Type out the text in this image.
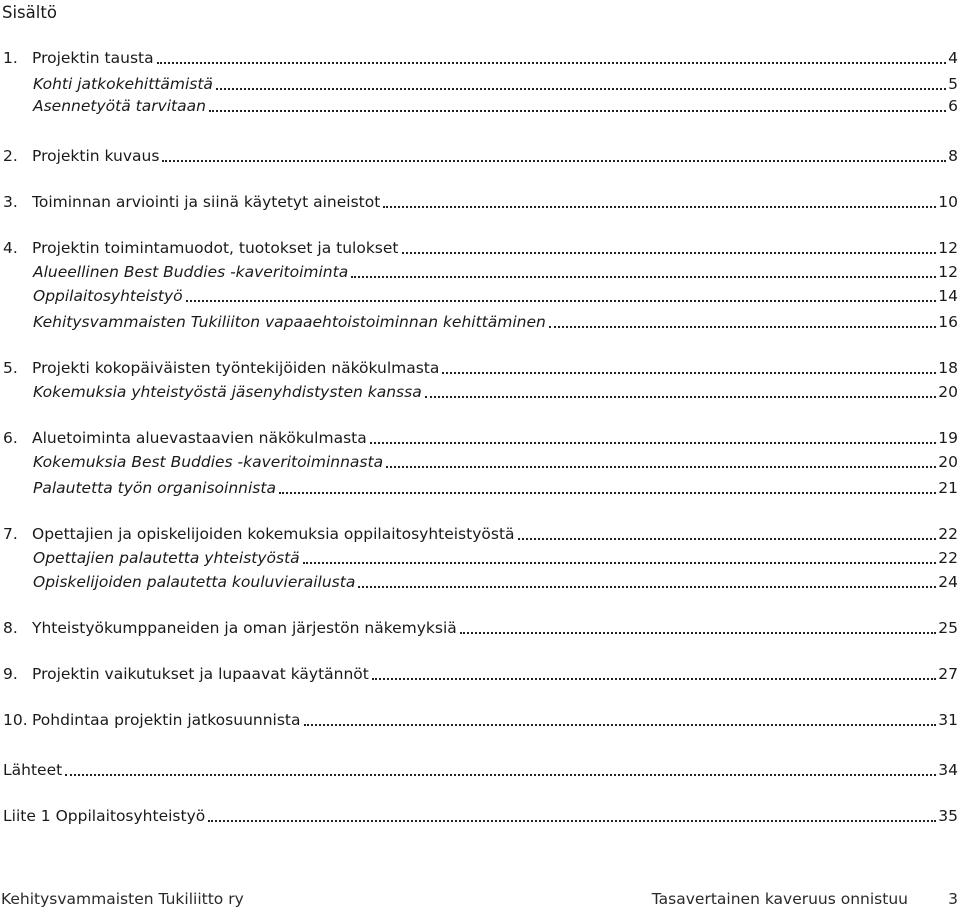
Sisältö
1. Projektin tausta	4
Kohti jatkokehittämistä	5
Asennetyötä tarvitaan	6
2. Projektin kuvaus	8
3. Toiminnan arviointi ja siinä käytetyt aineistot	10
4. Projektin toimintamuodot, tuotokset ja tulokset	12
Alueellinen Best Buddies -kaveritoiminta	12
Oppilaitosyhteistyö	14
Kehitysvammaisten Tukiliiton vapaaehtoistoiminnan kehittäminen	16
5. Projekti kokopäiväisten työntekijöiden näkökulmasta	18
Kokemuksia yhteistyöstä jäsenyhdistysten kanssa	20
6. Aluetoiminta aluevastaavien näkökulmasta	19
Kokemuksia Best Buddies -kaveritoiminnasta	20
Palautetta työn organisoinnista	21
7. Opettajien ja opiskelijoiden kokemuksia oppilaitosyhteistyöstä	22
Opettajien palautetta yhteistyöstä	22
Opiskelijoiden palautetta kouluvierailusta	24
8. Yhteistyökumppaneiden ja oman järjestön näkemyksiä	25
9. Projektin vaikutukset ja lupaavat käytännöt	27
10. Pohdintaa projektin jatkosuunnista	31
Lähteet	34
Liite 1 Oppilaitosyhteistyö	35
Kehitysvammaisten Tukiliitto ry	Tasavertainen kaveruus onnistuu	3
